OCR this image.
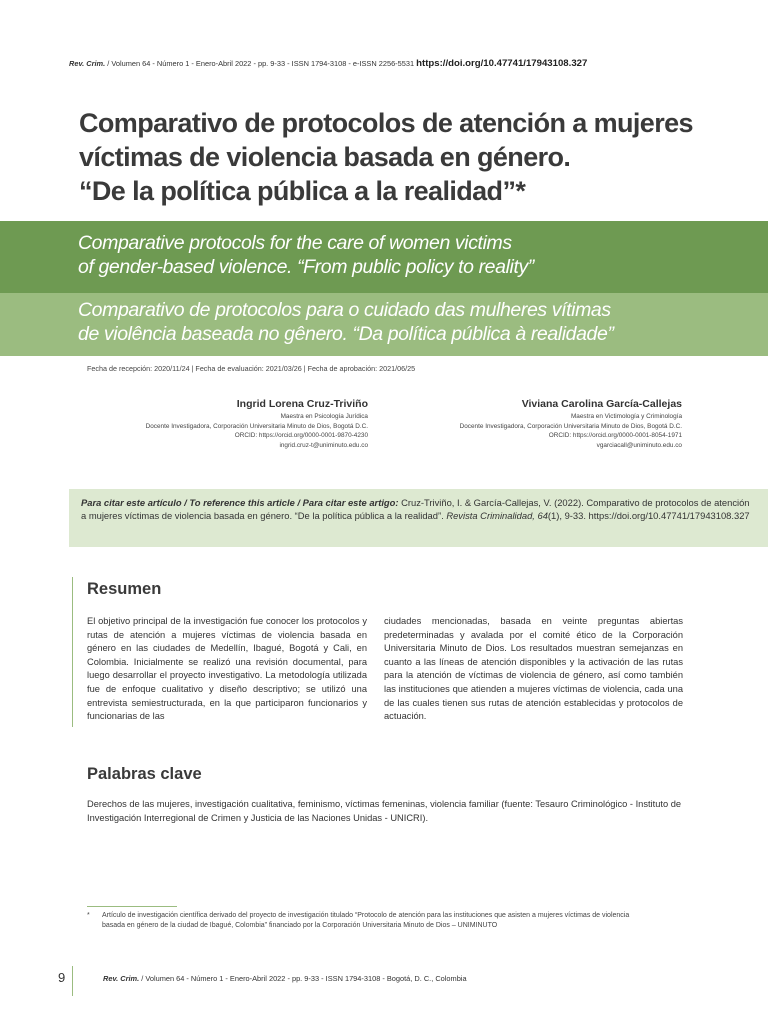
Rev. Crim. / Volumen 64 - Número 1 - Enero-Abril 2022 - pp. 9-33 - ISSN 1794-3108 - e-ISSN 2256-5531 https://doi.org/10.47741/17943108.327
Comparativo de protocolos de atención a mujeres
víctimas de violencia basada en género.
“De la política pública a la realidad”*
Comparative protocols for the care of women victims
of gender-based violence. “From public policy to reality”
Comparativo de protocolos para o cuidado das mulheres vítimas
de violência baseada no gênero. “Da política pública à realidade”
Fecha de recepción: 2020/11/24 | Fecha de evaluación: 2021/03/26 | Fecha de aprobación: 2021/06/25
Ingrid Lorena Cruz-Triviño
Maestra en Psicología Jurídica
Docente Investigadora, Corporación Universitaria Minuto de Dios, Bogotá D.C.
ORCID: https://orcid.org/0000-0001-9870-4230
ingrid.cruz-t@uniminuto.edu.co
Viviana Carolina García-Callejas
Maestra en Victimología y Criminología
Docente Investigadora, Corporación Universitaria Minuto de Dios, Bogotá D.C.
ORCID: https://orcid.org/0000-0001-8054-1971
vgarciacall@uniminuto.edu.co
Para citar este artículo / To reference this article / Para citar este artigo: Cruz-Triviño, I. & García-Callejas, V. (2022). Comparativo de protocolos de atención a mujeres víctimas de violencia basada en género. “De la política pública a la realidad”. Revista Criminalidad, 64(1), 9-33. https://doi.org/10.47741/17943108.327
Resumen

El objetivo principal de la investigación fue conocer los protocolos y rutas de atención a mujeres víctimas de violencia basada en género en las ciudades de Medellín, Ibagué, Bogotá y Cali, en Colombia. Inicialmente se realizó una revisión documental, para luego desarrollar el proyecto investigativo. La metodología utilizada fue de enfoque cualitativo y diseño descriptivo; se utilizó una entrevista semiestructurada, en la que participaron funcionarios y funcionarias de las

ciudades mencionadas, basada en veinte preguntas abiertas predeterminadas y avalada por el comité ético de la Corporación Universitaria Minuto de Dios. Los resultados muestran semejanzas en cuanto a las líneas de atención disponibles y la activación de las rutas para la atención de víctimas de violencia de género, así como también las instituciones que atienden a mujeres víctimas de violencia, cada una de las cuales tienen sus rutas de atención establecidas y protocolos de actuación.

Palabras clave

Derechos de las mujeres, investigación cualitativa, feminismo, víctimas femeninas, violencia familiar (fuente: Tesauro Criminológico - Instituto de Investigación Interregional de Crimen y Justicia de las Naciones Unidas - UNICRI).

* Artículo de investigación científica derivado del proyecto de investigación titulado “Protocolo de atención para las instituciones que asisten a mujeres víctimas de violencia basada en género de la ciudad de Ibagué, Colombia” financiado por la Corporación Universitaria Minuto de Dios – UNIMINUTO
9	Rev. Crim. / Volumen 64 - Número 1 - Enero-Abril 2022 - pp. 9-33 - ISSN 1794-3108 - Bogotá, D. C., Colombia
